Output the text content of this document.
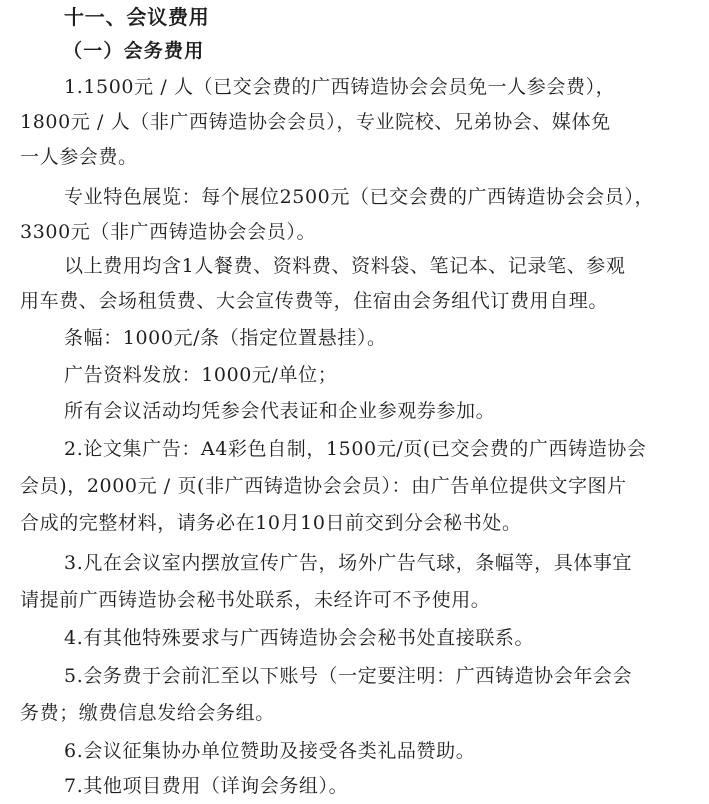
十一、会议费用
（一）会务费用
1.1500元 / 人（已交会费的广西铸造协会会员免一人参会费），
1800元 / 人（非广西铸造协会会员），专业院校、兄弟协会、媒体免
一人参会费。
专业特色展览：每个展位2500元（已交会费的广西铸造协会会员），
3300元（非广西铸造协会会员）。
以上费用均含1人餐费、资料费、资料袋、笔记本、记录笔、参观
用车费、会场租赁费、大会宣传费等，住宿由会务组代订费用自理。
条幅：1000元/条（指定位置悬挂）。
广告资料发放：1000元/单位；
所有会议活动均凭参会代表证和企业参观券参加。
2.论文集广告：A4彩色自制，1500元/页(已交会费的广西铸造协会
会员)，2000元 / 页(非广西铸造协会会员）：由广告单位提供文字图片
合成的完整材料，请务必在10月10日前交到分会秘书处。
3.凡在会议室内摆放宣传广告，场外广告气球，条幅等，具体事宜
请提前广西铸造协会秘书处联系，未经许可不予使用。
4.有其他特殊要求与广西铸造协会会秘书处直接联系。
5.会务费于会前汇至以下账号（一定要注明：广西铸造协会年会会
务费；缴费信息发给会务组。
6.会议征集协办单位赞助及接受各类礼品赞助。
7.其他项目费用（详询会务组）。
